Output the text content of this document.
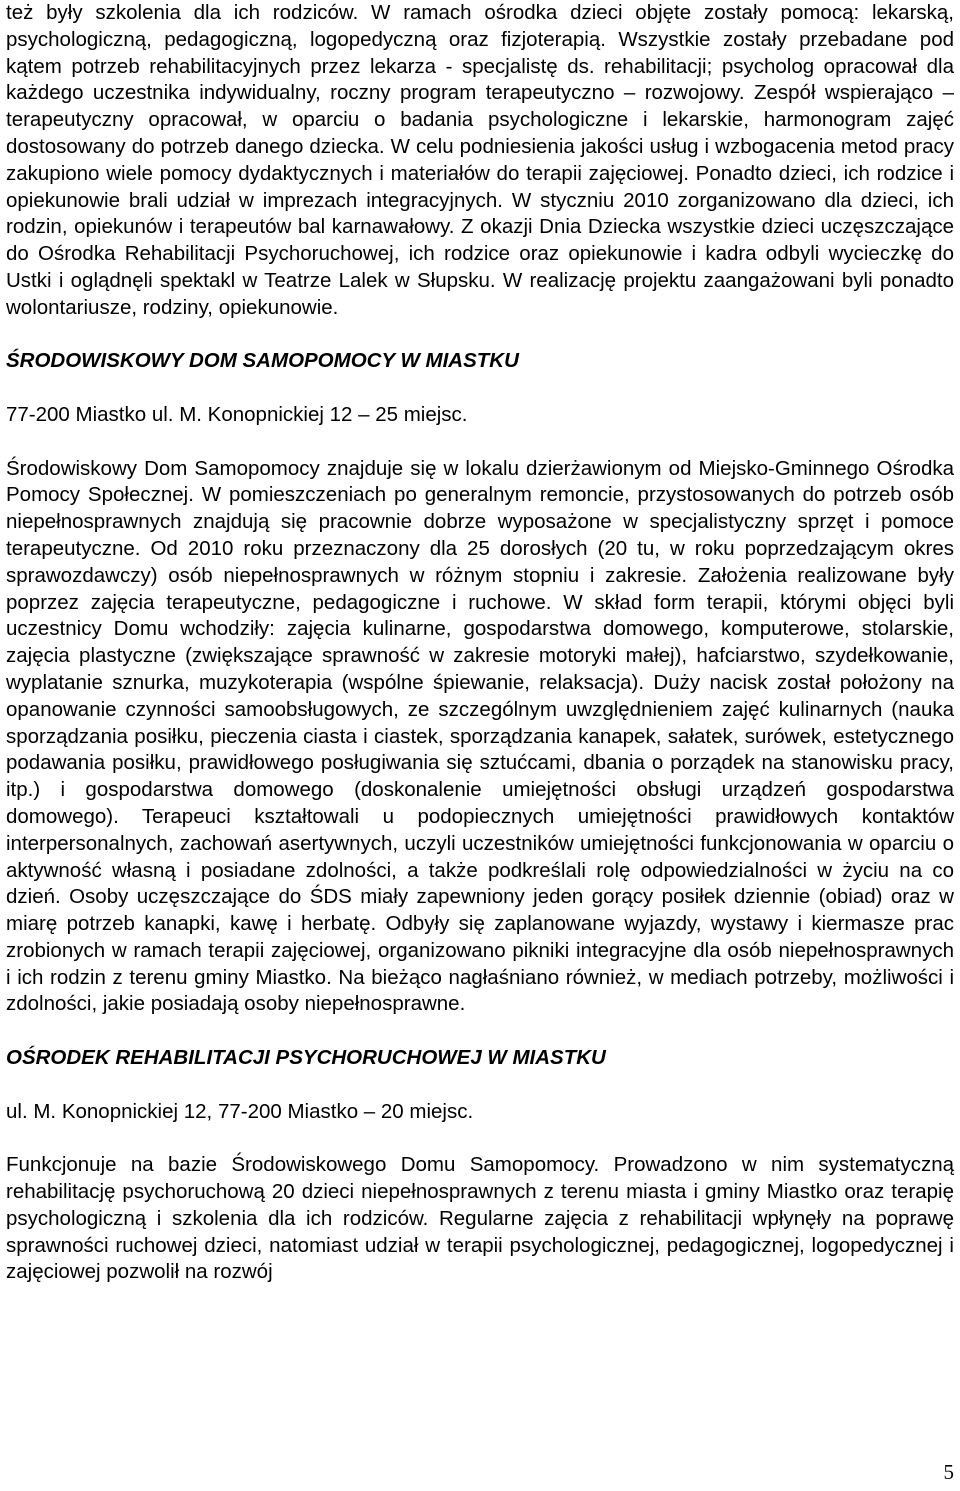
też były szkolenia dla ich rodziców. W ramach ośrodka dzieci objęte zostały pomocą: lekarską, psychologiczną, pedagogiczną, logopedyczną oraz fizjoterapią. Wszystkie zostały przebadane pod kątem potrzeb rehabilitacyjnych przez lekarza - specjalistę ds. rehabilitacji; psycholog opracował dla każdego uczestnika indywidualny, roczny program terapeutyczno – rozwojowy. Zespół wspierająco – terapeutyczny opracował, w oparciu o badania psychologiczne i lekarskie, harmonogram zajęć dostosowany do potrzeb danego dziecka. W celu podniesienia jakości usług i wzbogacenia metod pracy zakupiono wiele pomocy dydaktycznych i materiałów do terapii zajęciowej. Ponadto dzieci, ich rodzice i opiekunowie brali udział w imprezach integracyjnych. W styczniu 2010 zorganizowano dla dzieci, ich rodzin, opiekunów i terapeutów bal karnawałowy. Z okazji Dnia Dziecka wszystkie dzieci uczęszczające do Ośrodka Rehabilitacji Psychoruchowej, ich rodzice oraz opiekunowie i kadra odbyli wycieczkę do Ustki i oglądnęli spektakl w Teatrze Lalek w Słupsku. W realizację projektu zaangażowani byli ponadto wolontariusze, rodziny, opiekunowie.

ŚRODOWISKOWY DOM SAMOPOMOCY W MIASTKU

77-200 Miastko ul. M. Konopnickiej 12 – 25 miejsc.

Środowiskowy Dom Samopomocy znajduje się w lokalu dzierżawionym od Miejsko-Gminnego Ośrodka Pomocy Społecznej. W pomieszczeniach po generalnym remoncie, przystosowanych do potrzeb osób niepełnosprawnych znajdują się pracownie dobrze wyposażone w specjalistyczny sprzęt i pomoce terapeutyczne. Od 2010 roku przeznaczony dla 25 dorosłych (20 tu, w roku poprzedzającym okres sprawozdawczy) osób niepełnosprawnych w różnym stopniu i zakresie. Założenia realizowane były poprzez zajęcia terapeutyczne, pedagogiczne i ruchowe. W skład form terapii, którymi objęci byli uczestnicy Domu wchodziły: zajęcia kulinarne, gospodarstwa domowego, komputerowe, stolarskie, zajęcia plastyczne (zwiększające sprawność w zakresie motoryki małej), hafciarstwo, szydełkowanie, wyplatanie sznurka, muzykoterapia (wspólne śpiewanie, relaksacja). Duży nacisk został położony na opanowanie czynności samoobsługowych, ze szczególnym uwzględnieniem zajęć kulinarnych (nauka sporządzania posiłku, pieczenia ciasta i ciastek, sporządzania kanapek, sałatek, surówek, estetycznego podawania posiłku, prawidłowego posługiwania się sztućcami, dbania o porządek na stanowisku pracy, itp.) i gospodarstwa domowego (doskonalenie umiejętności obsługi urządzeń gospodarstwa domowego). Terapeuci kształtowali u podopiecznych umiejętności prawidłowych kontaktów interpersonalnych, zachowań asertywnych, uczyli uczestników umiejętności funkcjonowania w oparciu o aktywność własną i posiadane zdolności, a także podkreślali rolę odpowiedzialności w życiu na co dzień. Osoby uczęszczające do ŚDS miały zapewniony jeden gorący posiłek dziennie (obiad) oraz w miarę potrzeb kanapki, kawę i herbatę. Odbyły się zaplanowane wyjazdy, wystawy i kiermasze prac zrobionych w ramach terapii zajęciowej, organizowano pikniki integracyjne dla osób niepełnosprawnych i ich rodzin z terenu gminy Miastko. Na bieżąco nagłaśniano również, w mediach potrzeby, możliwości i zdolności, jakie posiadają osoby niepełnosprawne.

OŚRODEK REHABILITACJI PSYCHORUCHOWEJ W MIASTKU

ul. M. Konopnickiej 12, 77-200 Miastko – 20 miejsc.

Funkcjonuje na bazie Środowiskowego Domu Samopomocy. Prowadzono w nim systematyczną rehabilitację psychoruchową 20 dzieci niepełnosprawnych z terenu miasta i gminy Miastko oraz terapię psychologiczną i szkolenia dla ich rodziców. Regularne zajęcia z rehabilitacji wpłynęły na poprawę sprawności ruchowej dzieci, natomiast udział w terapii psychologicznej, pedagogicznej, logopedycznej i zajęciowej pozwolił na rozwój

5
